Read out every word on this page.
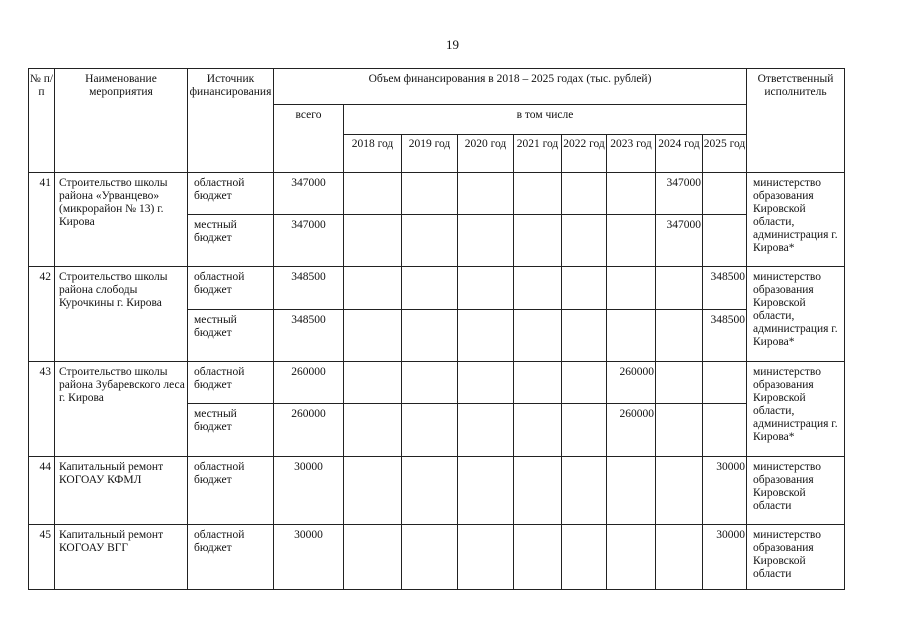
19
№ п/п	Наименование мероприятия	Источник финансирования	Объем финансирования в 2018 – 2025 годах (тыс. рублей)									Ответственный исполнитель
			всего	в том числе								
				2018 год	2019 год	2020 год	2021 год	2022 год	2023 год	2024 год	2025 год	
41	Строительство школы района «Урванцево» (микрорайон № 13) г. Кирова	областной бюджет	347000							347000		министерство образования Кировской области, администрация г. Кирова*
		местный бюджет	347000							347000		
42	Строительство школы района слободы Курочкины г. Кирова	областной бюджет	348500								348500	министерство образования Кировской области, администрация г. Кирова*
		местный бюджет	348500								348500	
43	Строительство школы района Зубаревского леса г. Кирова	областной бюджет	260000						260000			министерство образования Кировской области, администрация г. Кирова*
		местный бюджет	260000						260000			
44	Капитальный ремонт КОГОАУ КФМЛ	областной бюджет	30000								30000	министерство образования Кировской области
45	Капитальный ремонт КОГОАУ ВГГ	областной бюджет	30000								30000	министерство образования Кировской области
